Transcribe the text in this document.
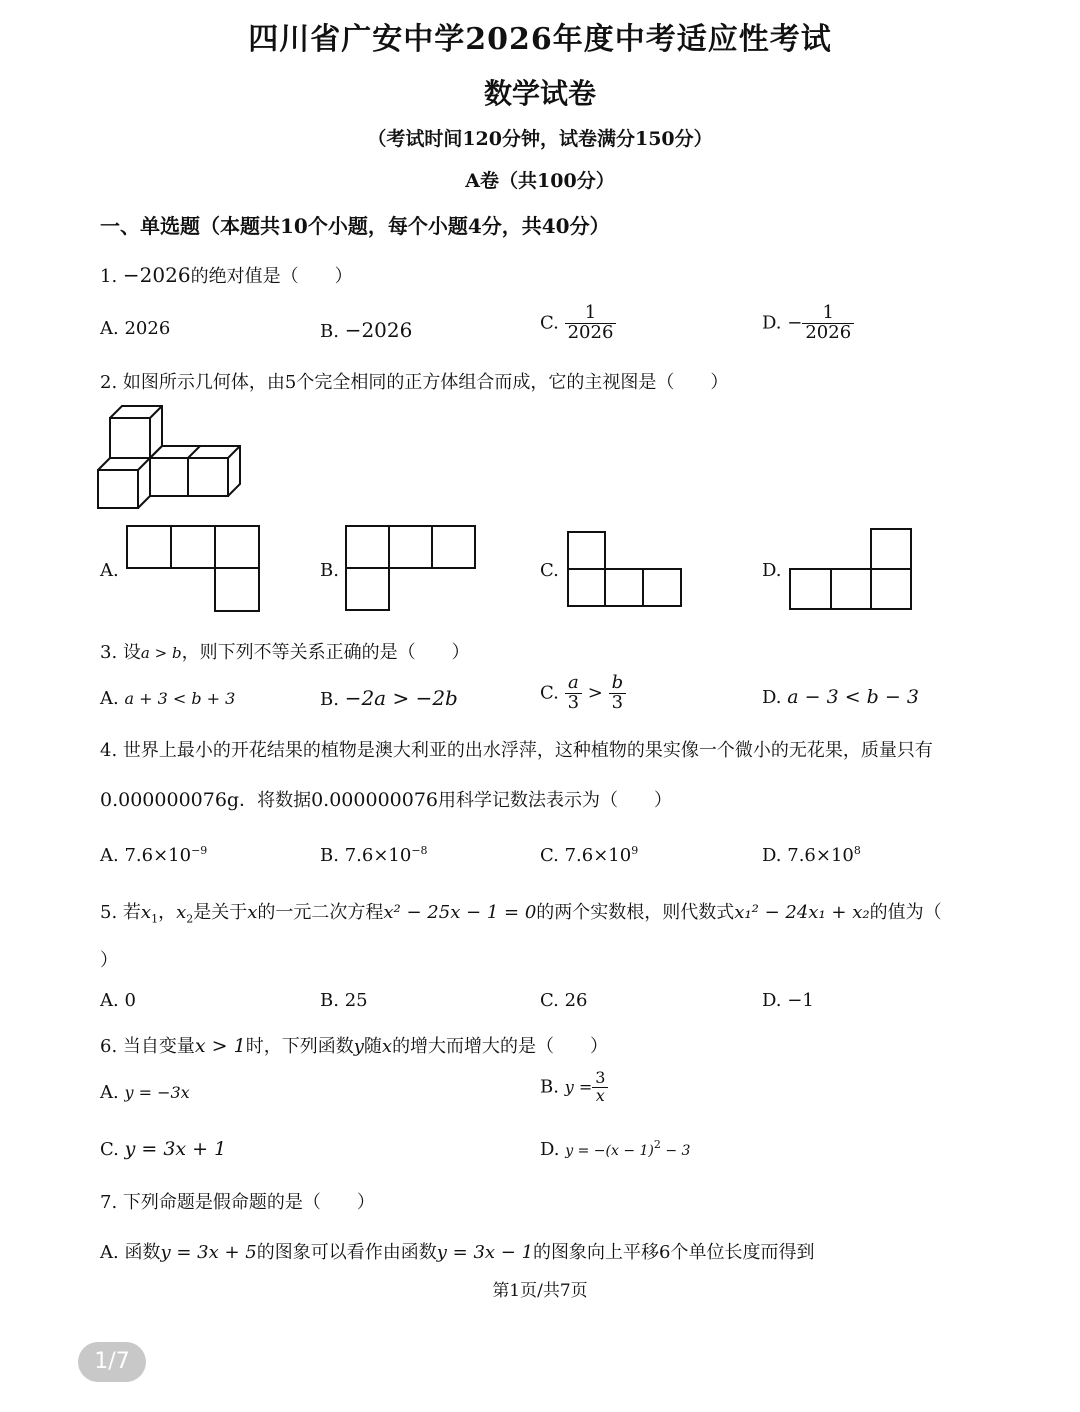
四川省广安中学2026年度中考适应性考试
数学试卷
（考试时间120分钟，试卷满分150分）
A卷（共100分）
一、单选题（本题共10个小题，每个小题4分，共40分）
1. −2026的绝对值是（　　）
A. 2026	B. −2026	C. $\frac{1}{2026}$	D. − $\frac{1}{2026}$
2. 如图所示几何体，由5个完全相同的正方体组合而成，它的主视图是（　　）
A.	B.	C.	D.
3. 设a > b，则下列不等关系正确的是（　　）
A. a + 3 < b + 3	B. −2a > −2b	C. $\frac{a}{3} > \frac{b}{3}$	D. a − 3 < b − 3
4. 世界上最小的开花结果的植物是澳大利亚的出水浮萍，这种植物的果实像一个微小的无花果，质量只有
0.000000076g．将数据0.000000076用科学记数法表示为（　　）
A. $7.6\times 10^{-9}$	B. $7.6\times 10^{-8}$	C. $7.6\times 10^9$	D. $7.6\times 10^8$
5. 若$x_1$，$x_2$是关于x的一元二次方程x² − 25x − 1 = 0的两个实数根，则代数式x₁² − 24x₁ + x₂的值为（
）
A. 0	B. 25	C. 26	D. −1
6. 当自变量x > 1时，下列函数y随x的增大而增大的是（　　）
A. y = −3x	B. $y = \frac{3}{x}$
C. y = 3x + 1	D. $y = -(x - 1)^2 - 3$
7. 下列命题是假命题的是（　　）
A. 函数y = 3x + 5的图象可以看作由函数y = 3x − 1的图象向上平移6个单位长度而得到
第1页/共7页
1/7
